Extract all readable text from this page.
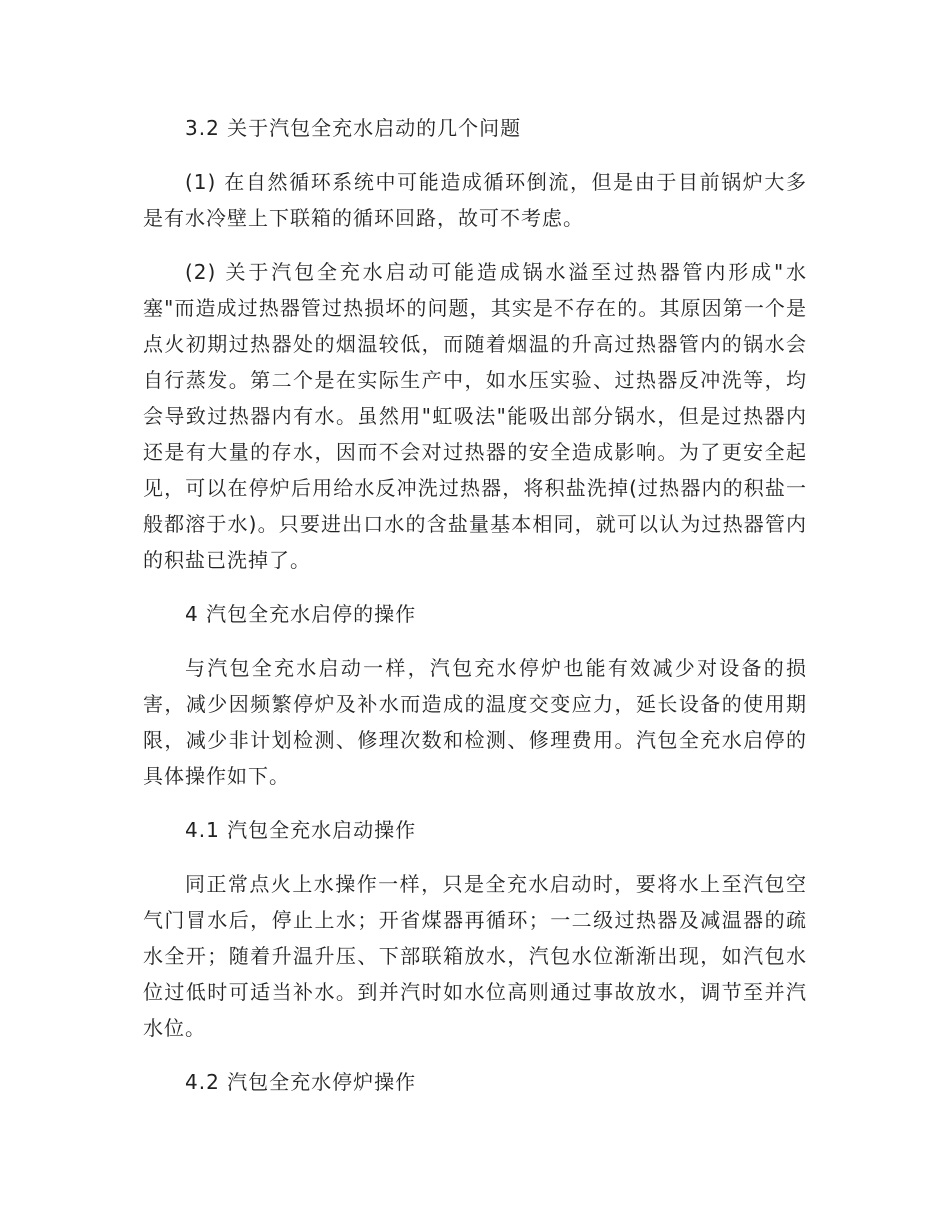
3.2 关于汽包全充水启动的几个问题

(1) 在自然循环系统中可能造成循环倒流，但是由于目前锅炉大多是有水冷壁上下联箱的循环回路，故可不考虑。

(2) 关于汽包全充水启动可能造成锅水溢至过热器管内形成"水塞"而造成过热器管过热损坏的问题，其实是不存在的。其原因第一个是点火初期过热器处的烟温较低，而随着烟温的升高过热器管内的锅水会自行蒸发。第二个是在实际生产中，如水压实验、过热器反冲洗等，均会导致过热器内有水。虽然用"虹吸法"能吸出部分锅水，但是过热器内还是有大量的存水，因而不会对过热器的安全造成影响。为了更安全起见，可以在停炉后用给水反冲洗过热器，将积盐洗掉(过热器内的积盐一般都溶于水)。只要进出口水的含盐量基本相同，就可以认为过热器管内的积盐已洗掉了。

4 汽包全充水启停的操作

与汽包全充水启动一样，汽包充水停炉也能有效减少对设备的损害，减少因频繁停炉及补水而造成的温度交变应力，延长设备的使用期限，减少非计划检测、修理次数和检测、修理费用。汽包全充水启停的具体操作如下。

4.1 汽包全充水启动操作

同正常点火上水操作一样，只是全充水启动时，要将水上至汽包空气门冒水后，停止上水；开省煤器再循环；一二级过热器及减温器的疏水全开；随着升温升压、下部联箱放水，汽包水位渐渐出现，如汽包水位过低时可适当补水。到并汽时如水位高则通过事故放水，调节至并汽水位。

4.2 汽包全充水停炉操作
